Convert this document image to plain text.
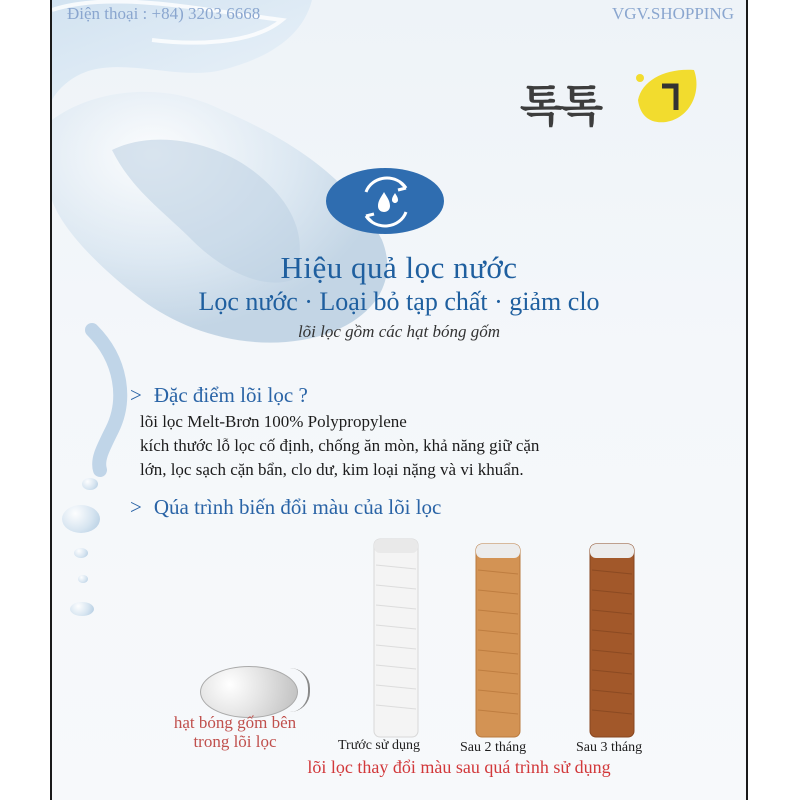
Điện thoại : +84) 3203 6668	VGV.SHOPPING
톡톡
Hiệu quả lọc nước
Lọc nước · Loại bỏ tạp chất · giảm clo
lõi lọc gồm các hạt bóng gốm
> Đặc điểm lõi lọc ?
lõi lọc Melt-Brơn 100% Polypropylene
kích thước lỗ lọc cố định, chống ăn mòn, khả năng giữ cặn
lớn, lọc sạch cặn bẩn, clo dư, kim loại nặng và vi khuẩn.
> Qúa trình biến đổi màu của lõi lọc
hạt bóng gốm bên trong lõi lọc	Trước sử dụng	Sau 2 tháng	Sau 3 tháng
lõi lọc thay đổi màu sau quá trình sử dụng
